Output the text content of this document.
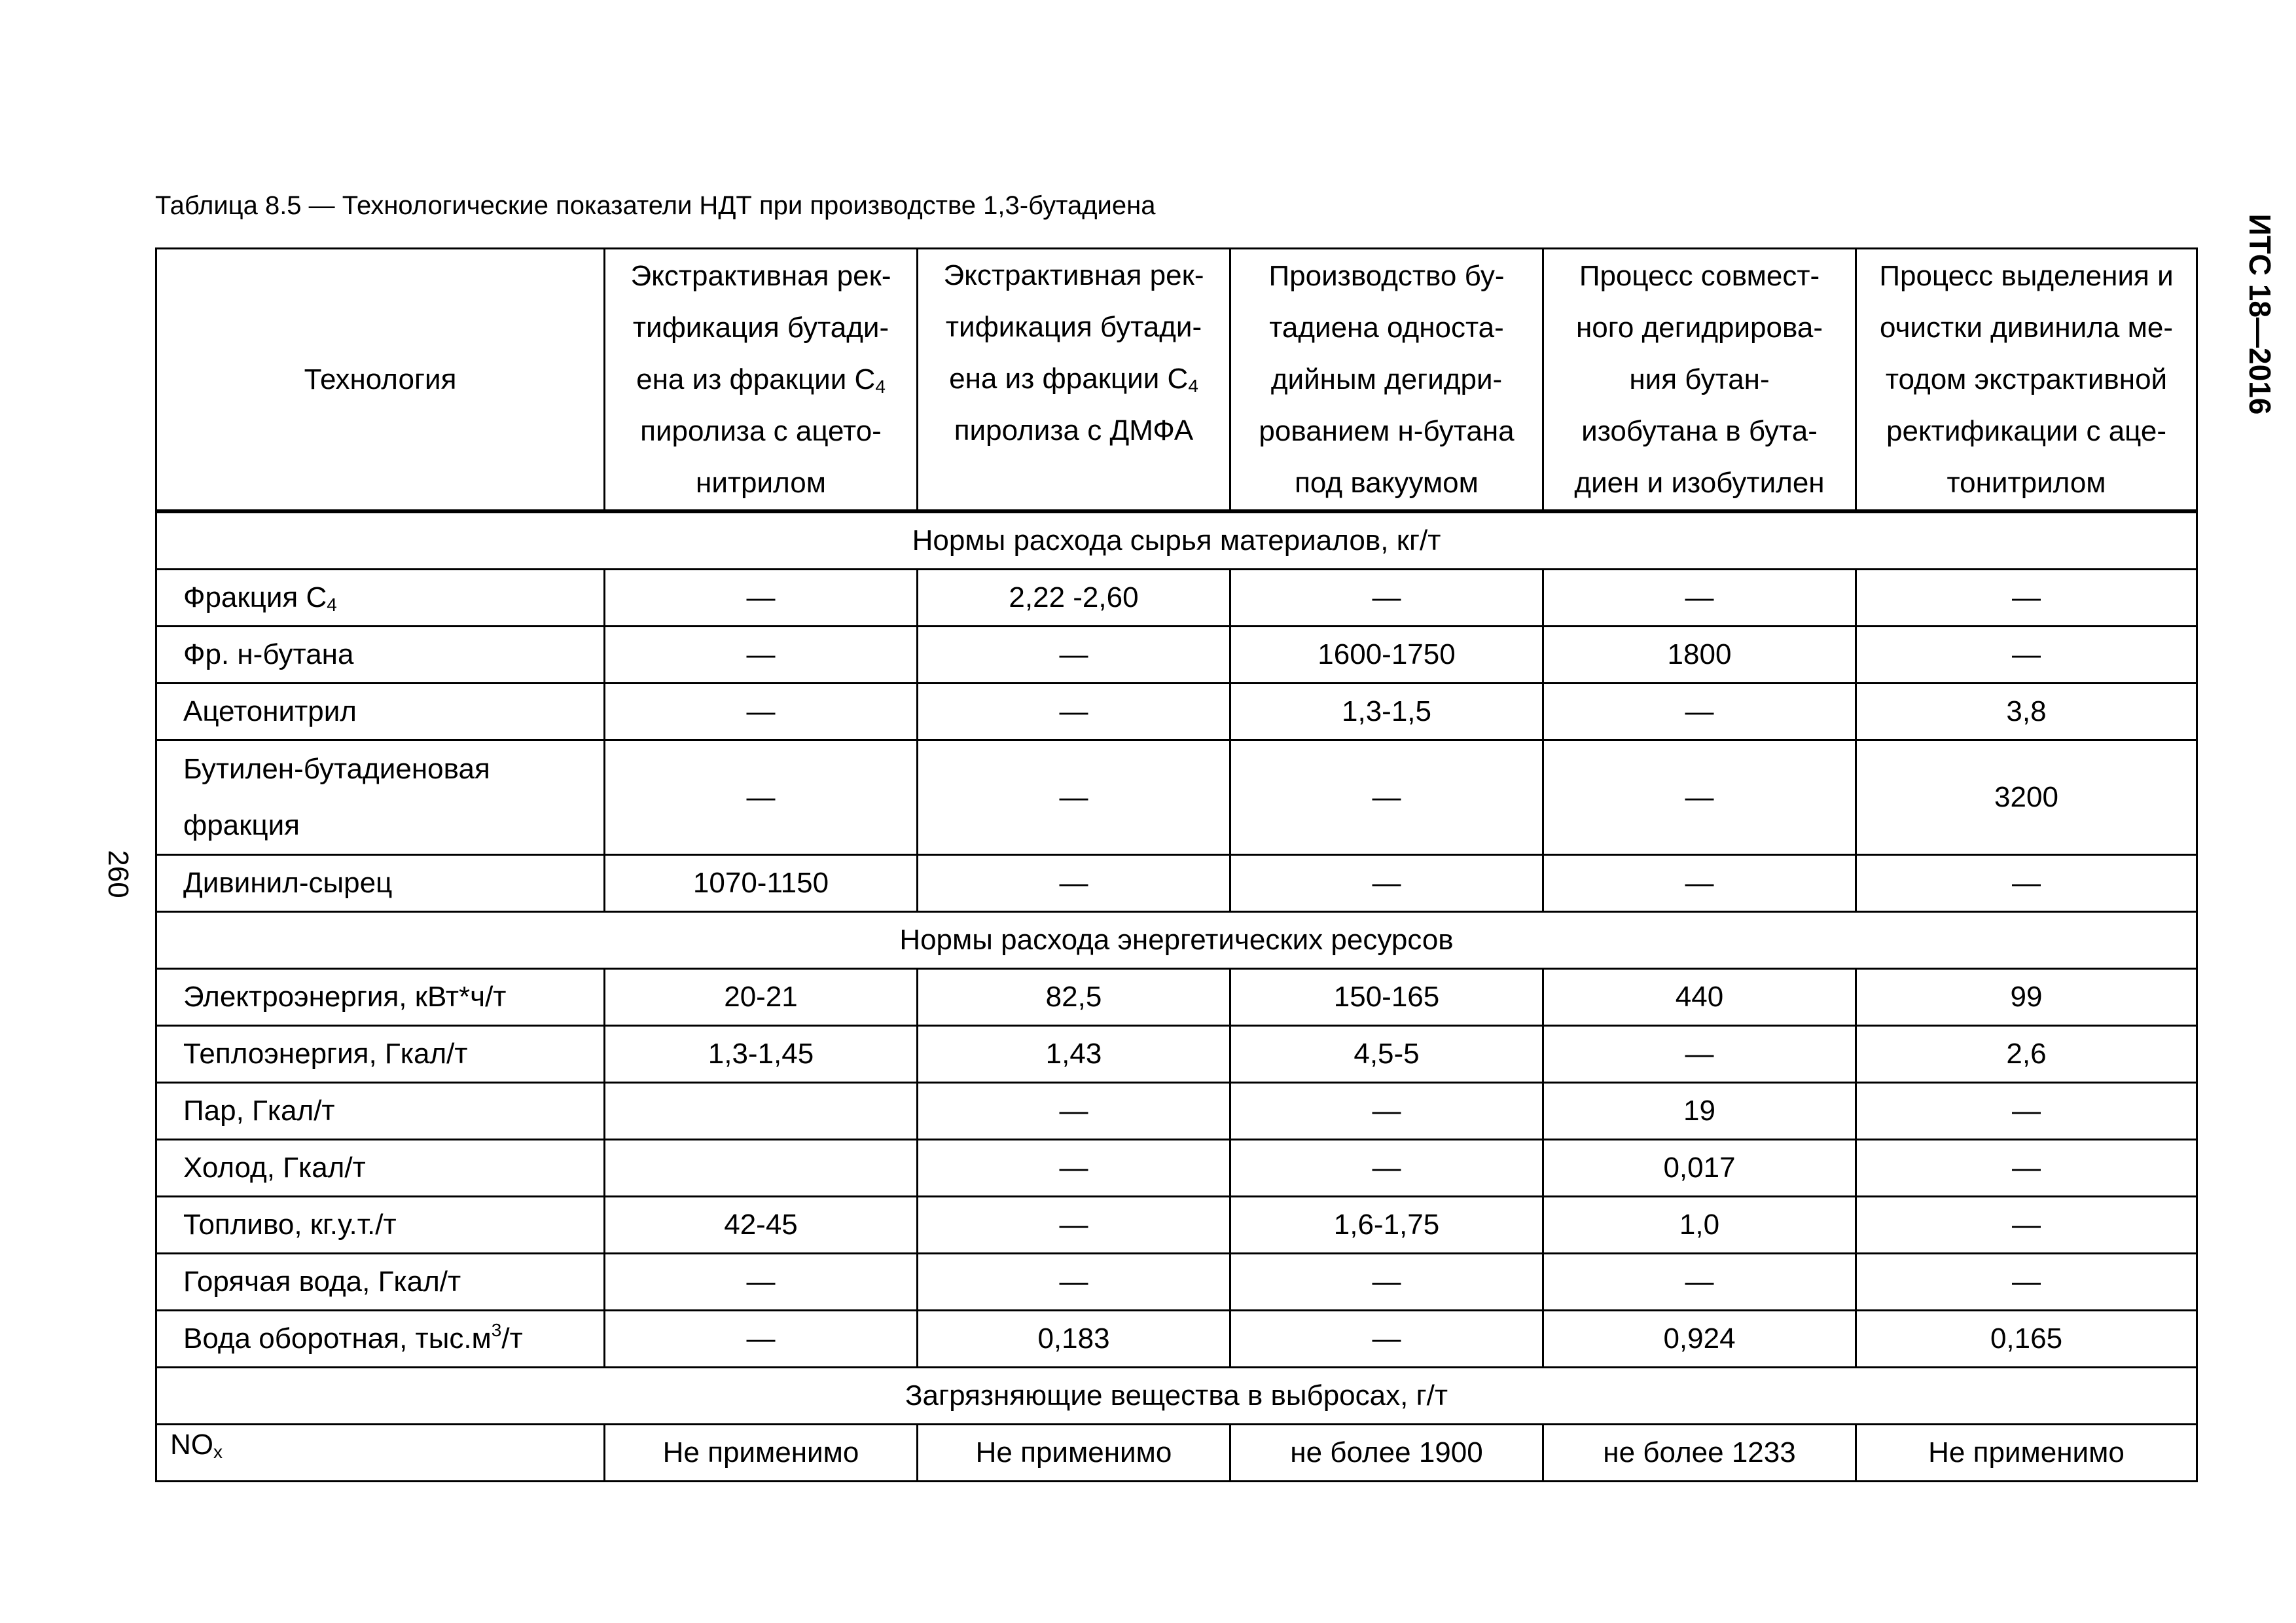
Таблица 8.5 — Технологические показатели НДТ при производстве 1,3-бутадиена
ИТС 18—2016
260
Технология	Экстрактивная рек-
тификация бутади-
ена из фракции $С_4$
пиролиза с ацето-
нитрилом	Экстрактивная рек-
тификация бутади-
ена из фракции $С_4$
пиролиза с ДМФА	Производство бу-
тадиена односта-
дийным дегидри-
рованием н-бутана
под вакуумом	Процесс совмест-
ного дегидрирова-
ния бутан-
изобутана в бута-
диен и изобутилен	Процесс выделения и
очистки дивинила ме-
тодом экстрактивной
ректификации с аце-
тонитрилом
Нормы расхода сырья материалов, кг/т					
Фракция $С_4$	—	2,22 -2,60	—	—	—
Фр. н-бутана	—	—	1600-1750	1800	—
Ацетонитрил	—	—	1,3-1,5	—	3,8
Бутилен-бутадиеновая
фракция	—	—	—	—	3200
Дивинил-сырец	1070-1150	—	—	—	—
Нормы расхода энергетических ресурсов					
Электроэнергия, кВт*ч/т	20-21	82,5	150-165	440	99
Теплоэнергия, Гкал/т	1,3-1,45	1,43	4,5-5	—	2,6
Пар, Гкал/т		—	—	19	—
Холод, Гкал/т		—	—	0,017	—
Топливо, кг.у.т./т	42-45	—	1,6-1,75	1,0	—
Горячая вода, Гкал/т	—	—	—	—	—
Вода оборотная, $тыс.м^3/т$	—	0,183	—	0,924	0,165
Загрязняющие вещества в выбросах, г/т					
$NO_x$	Не применимо	Не применимо	не более 1900	не более 1233	Не применимо
